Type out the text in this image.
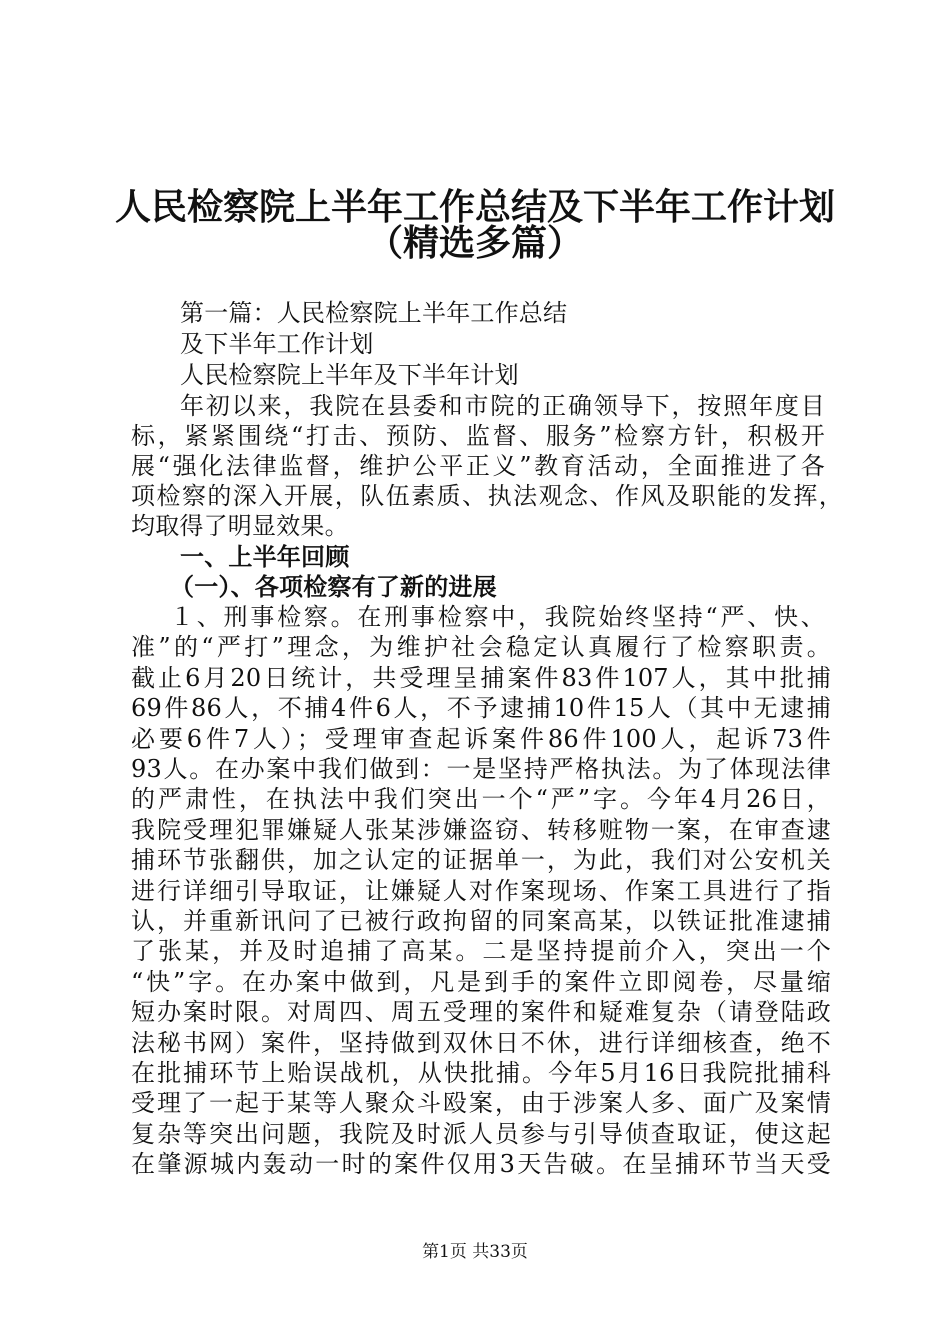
人民检察院上半年工作总结及下半年工作计划
（精选多篇）

第一篇：人民检察院上半年工作总结

及下半年工作计划

人民检察院上半年及下半年计划

年初以来，我院在县委和市院的正确领导下，按照年度目

标，紧紧围绕“打击、预防、监督、服务”检察方针，积极开

展“强化法律监督，维护公平正义”教育活动，全面推进了各

项检察的深入开展，队伍素质、执法观念、作风及职能的发挥，

均取得了明显效果。

一、上半年回顾

（一）、各项检察有了新的进展

１、刑事检察。在刑事检察中，我院始终坚持“严、快、

准”的“严打”理念，为维护社会稳定认真履行了检察职责。

截止6月20日统计，共受理呈捕案件83件107人，其中批捕

69件86人，不捕4件6人，不予逮捕10件15人（其中无逮捕

必要6件7人）；受理审查起诉案件86件100人，起诉73件

93人。在办案中我们做到：一是坚持严格执法。为了体现法律

的严肃性，在执法中我们突出一个“严”字。今年4月26日，

我院受理犯罪嫌疑人张某涉嫌盗窃、转移赃物一案，在审查逮

捕环节张翻供，加之认定的证据单一，为此，我们对公安机关

进行详细引导取证，让嫌疑人对作案现场、作案工具进行了指

认，并重新讯问了已被行政拘留的同案高某，以铁证批准逮捕

了张某，并及时追捕了高某。二是坚持提前介入，突出一个

“快”字。在办案中做到，凡是到手的案件立即阅卷，尽量缩

短办案时限。对周四、周五受理的案件和疑难复杂（请登陆政

法秘书网）案件，坚持做到双休日不休，进行详细核查，绝不

在批捕环节上贻误战机，从快批捕。今年5月16日我院批捕科

受理了一起于某等人聚众斗殴案，由于涉案人多、面广及案情

复杂等突出问题，我院及时派人员参与引导侦查取证，使这起

在肇源城内轰动一时的案件仅用3天告破。在呈捕环节当天受

第1页 共33页
